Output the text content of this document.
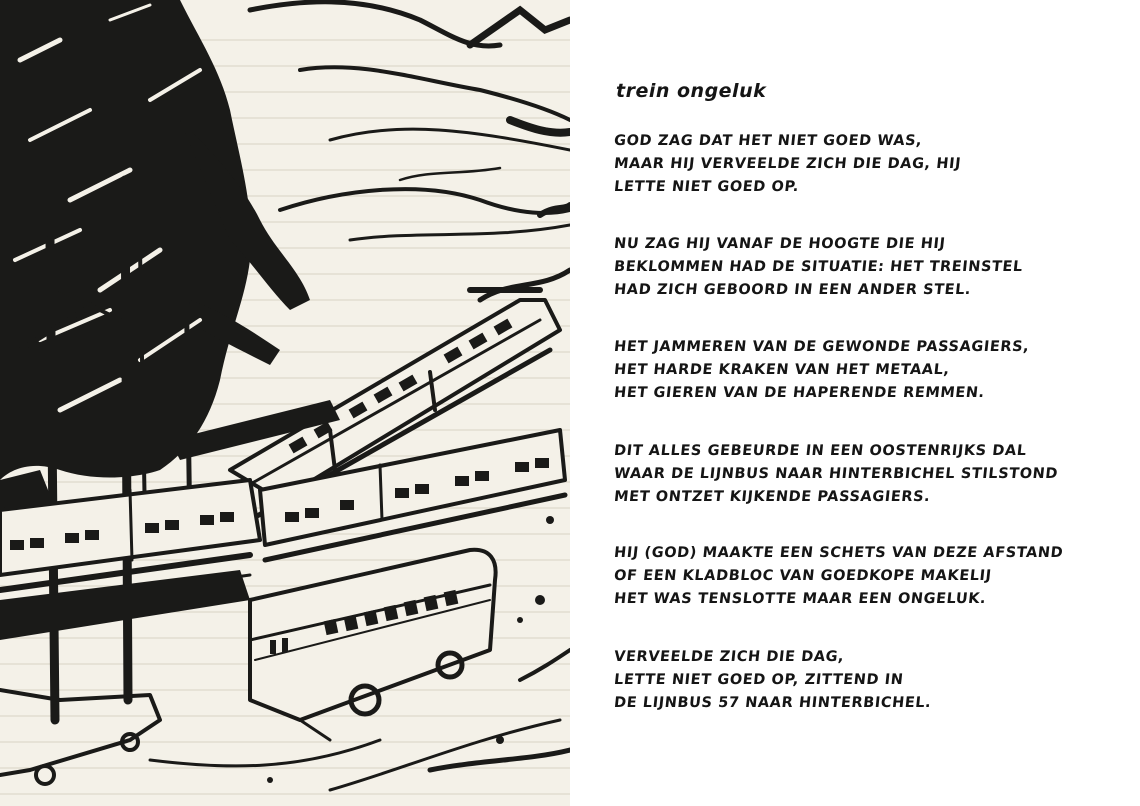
trein ongeluk
GOD ZAG DAT HET NIET GOED WAS,
MAAR HIJ VERVEELDE ZICH DIE DAG, HIJ
LETTE NIET GOED OP.
NU ZAG HIJ VANAF DE HOOGTE DIE HIJ
BEKLOMMEN HAD DE SITUATIE: HET TREINSTEL
HAD ZICH GEBOORD IN EEN ANDER STEL.
HET JAMMEREN VAN DE GEWONDE PASSAGIERS,
HET HARDE KRAKEN VAN HET METAAL,
HET GIEREN VAN DE HAPERENDE REMMEN.
DIT ALLES GEBEURDE IN EEN OOSTENRIJKS DAL
WAAR DE LIJNBUS NAAR HINTERBICHEL STILSTOND
MET ONTZET KIJKENDE PASSAGIERS.
HIJ (GOD) MAAKTE EEN SCHETS VAN DEZE AFSTAND
OF EEN KLADBLOC VAN GOEDKOPE MAKELIJ
HET WAS TENSLOTTE MAAR EEN ONGELUK.
VERVEELDE ZICH DIE DAG,
LETTE NIET GOED OP, ZITTEND IN
DE LIJNBUS 57 NAAR HINTERBICHEL.
